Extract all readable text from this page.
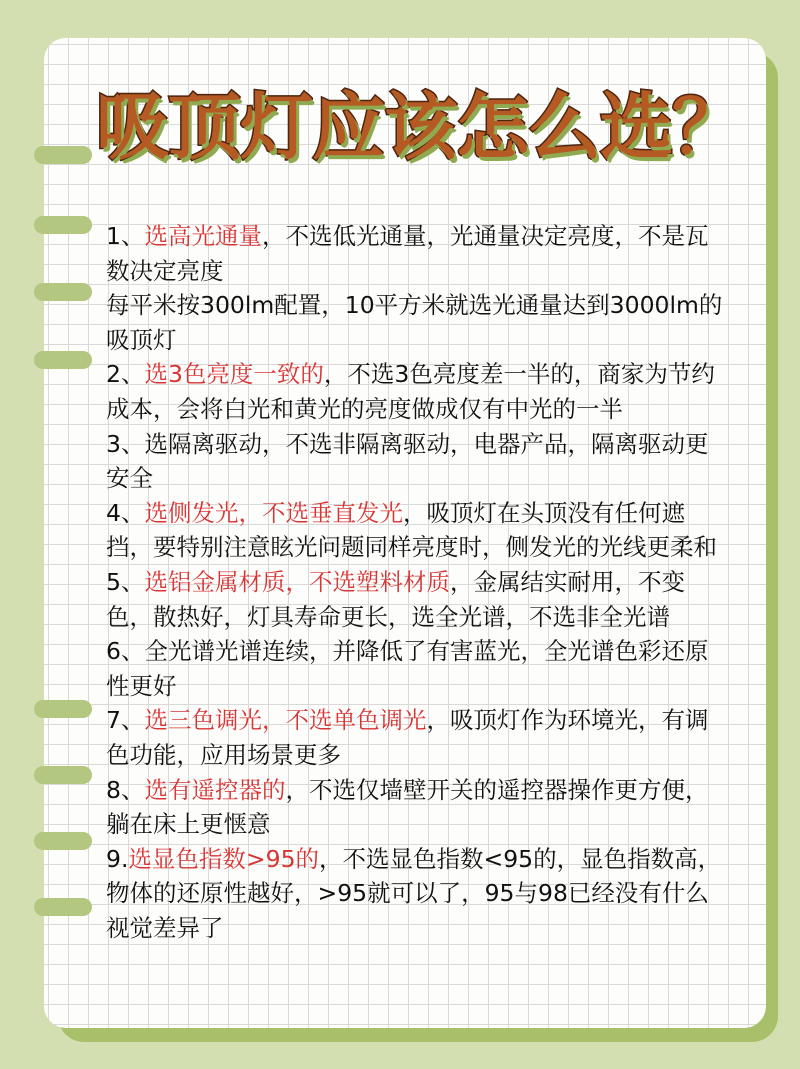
吸顶灯应该怎么选？

1、选高光通量，不选低光通量，光通量决定亮度，不是瓦数决定亮度

每平米按300lm配置，10平方米就选光通量达到3000lm的吸顶灯

2、选3色亮度一致的，不选3色亮度差一半的，商家为节约成本，会将白光和黄光的亮度做成仅有中光的一半

3、选隔离驱动，不选非隔离驱动，电器产品，隔离驱动更安全

4、选侧发光，不选垂直发光，吸顶灯在头顶没有任何遮挡，要特别注意眩光问题同样亮度时，侧发光的光线更柔和

5、选铝金属材质，不选塑料材质，金属结实耐用，不变色，散热好，灯具寿命更长，选全光谱，不选非全光谱

6、全光谱光谱连续，并降低了有害蓝光，全光谱色彩还原性更好

7、选三色调光，不选单色调光，吸顶灯作为环境光，有调色功能，应用场景更多

8、选有遥控器的，不选仅墙壁开关的遥控器操作更方便，躺在床上更惬意

9.选显色指数>95的，不选显色指数<95的，显色指数高，物体的还原性越好，>95就可以了，95与98已经没有什么视觉差异了
